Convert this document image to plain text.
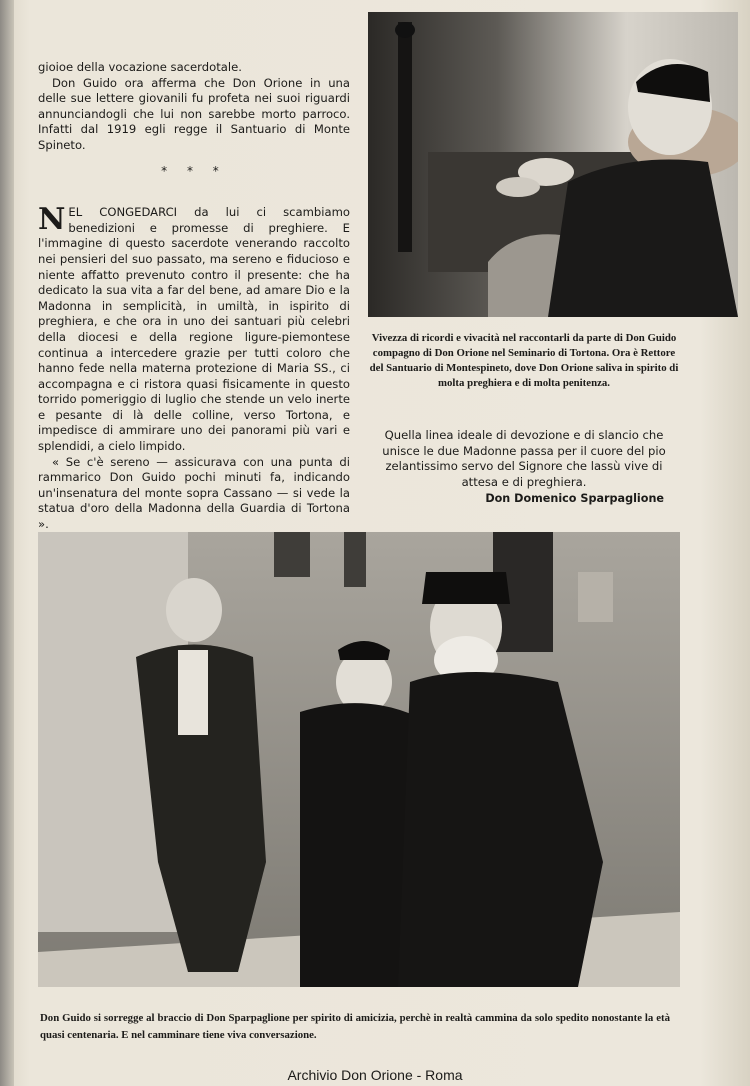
gioioe della vocazione sacerdotale.

Don Guido ora afferma che Don Orione in una delle sue lettere giovanili fu profeta nei suoi riguardi annunciandogli che lui non sarebbe morto parroco. Infatti dal 1919 egli regge il Santuario di Monte Spineto.

* * *

NEL CONGEDARCI da lui ci scambiamo benedizioni e promesse di preghiere. E l'immagine di questo sacerdote venerando raccolto nei pensieri del suo passato, ma sereno e fiducioso e niente affatto prevenuto contro il presente: che ha dedicato la sua vita a far del bene, ad amare Dio e la Madonna in semplicità, in umiltà, in ispirito di preghiera, e che ora in uno dei santuari più celebri della diocesi e della regione ligure-piemontese continua a intercedere grazie per tutti coloro che hanno fede nella materna protezione di Maria SS., ci accompagna e ci ristora quasi fisicamente in questo torrido pomeriggio di luglio che stende un velo inerte e pesante di là delle colline, verso Tortona, e impedisce di ammirare uno dei panorami più vari e splendidi, a cielo limpido.

« Se c'è sereno — assicurava con una punta di rammarico Don Guido pochi minuti fa, indicando un'insenatura del monte sopra Cassano — si vede la statua d'oro della Madonna della Guardia di Tortona ».

Vivezza di ricordi e vivacità nel raccontarli da parte di Don Guido compagno di Don Orione nel Seminario di Tortona. Ora è Rettore del Santuario di Montespineto, dove Don Orione saliva in spirito di molta preghiera e di molta penitenza.

Quella linea ideale di devozione e di slancio che unisce le due Madonne passa per il cuore del pio zelantissimo servo del Signore che lassù vive di attesa e di preghiera.

Don Domenico Sparpaglione
Don Guido si sorregge al braccio di Don Sparpaglione per spirito di amicizia, perchè in realtà cammina da solo spedito nonostante la età quasi centenaria. E nel camminare tiene viva conversazione.
Archivio Don Orione - Roma
